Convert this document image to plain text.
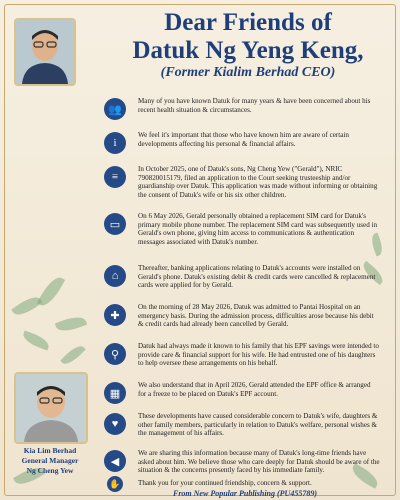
Dear Friends of
Datuk Ng Yeng Keng,
(Former Kialim Berhad CEO)
Kia Lim Berhad
General Manager
Ng Cheng Yew
👥
Many of you have known Datuk for many years & have been concerned about his recent health situation & circumstances.
i
We feel it's important that those who have known him are aware of certain developments affecting his personal & financial affairs.
≡
In October 2025, one of Datuk's sons, Ng Cheng Yew ("Gerald"), NRIC 790820015179, filed an application to the Court seeking trusteeship and/or guardianship over Datuk. This application was made without informing or obtaining the consent of Datuk's wife or his six other children.
▭
On 6 May 2026, Gerald personally obtained a replacement SIM card for Datuk's primary mobile phone number. The replacement SIM card was subsequently used in Gerald's own phone, giving him access to communications & authentication messages associated with Datuk's number.
⌂
Thereafter, banking applications relating to Datuk's accounts were installed on Gerald's phone. Datuk's existing debit & credit cards were cancelled & replacement cards were applied for by Gerald.
✚
On the morning of 28 May 2026, Datuk was admitted to Pantai Hospital on an emergency basis. During the admission process, difficulties arose because his debit & credit cards had already been cancelled by Gerald.
⚲
Datuk had always made it known to his family that his EPF savings were intended to provide care & financial support for his wife. He had entrusted one of his daughters to help oversee these arrangements on his behalf.
▦
We also understand that in April 2026, Gerald attended the EPF office & arranged for a freeze to be placed on Datuk's EPF account.
♥
These developments have caused considerable concern to Datuk's wife, daughters & other family members, particularly in relation to Datuk's welfare, personal wishes & the management of his affairs.
◀
We are sharing this information because many of Datuk's long-time friends have asked about him. We believe those who care deeply for Datuk should be aware of the situation & the concerns presently faced by his immediate family.
✋	Thank you for your continued friendship, concern & support.
From New Popular Publishing (PU455789)
